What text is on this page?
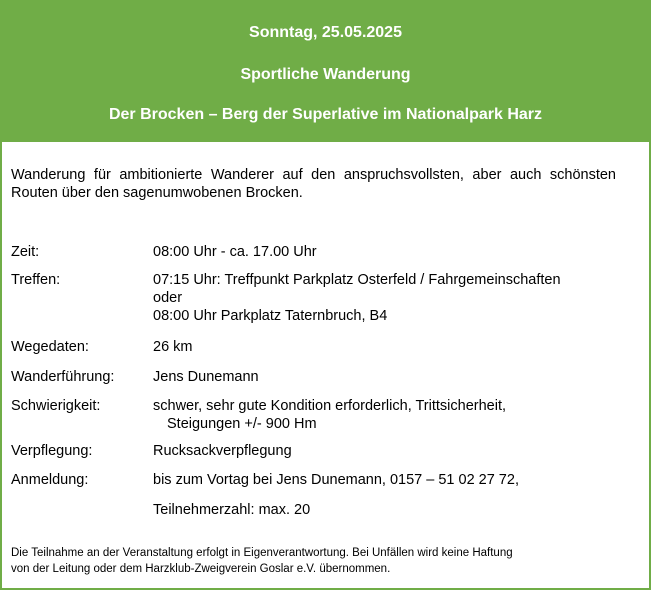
Sonntag, 25.05.2025
Sportliche Wanderung
Der Brocken – Berg der Superlative im Nationalpark Harz
Wanderung für ambitionierte Wanderer auf den anspruchsvollsten, aber auch schönsten Routen über den sagenumwobenen Brocken.
Zeit:	08:00 Uhr - ca. 17.00 Uhr
Treffen:	07:15 Uhr: Treffpunkt Parkplatz Osterfeld / Fahrgemeinschaften
oder
08:00 Uhr Parkplatz Taternbruch, B4
Wegedaten:	26 km
Wanderführung:	Jens Dunemann
Schwierigkeit:	schwer, sehr gute Kondition erforderlich, Trittsicherheit,
Steigungen +/- 900 Hm
Verpflegung:	Rucksackverpflegung
Anmeldung:	bis zum Vortag bei Jens Dunemann, 0157 – 51 02 27 72,
Teilnehmerzahl: max. 20
Die Teilnahme an der Veranstaltung erfolgt in Eigenverantwortung. Bei Unfällen wird keine Haftung
von der Leitung oder dem Harzklub-Zweigverein Goslar e.V. übernommen.
